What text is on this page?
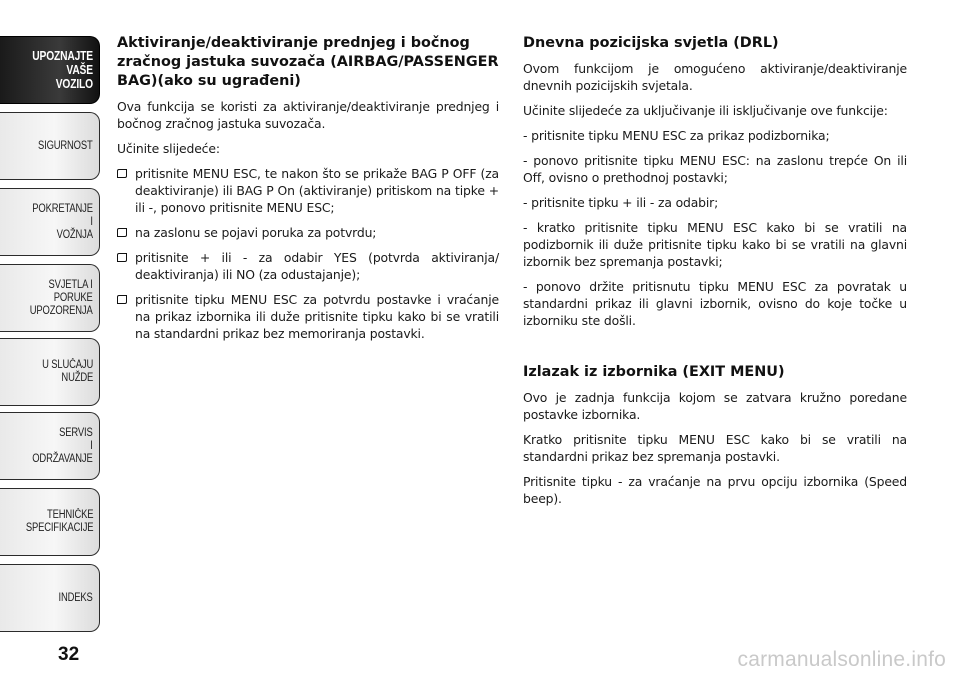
UPOZNAJTE
VAŠE
VOZILO
SIGURNOST
POKRETANJE
I
VOŽNJA
SVJETLA I
PORUKE
UPOZORENJA
U SLUČAJU
NUŽDE
SERVIS
I
ODRŽAVANJE
TEHNIČKE
SPECIFIKACIJE
INDEKS
32
Aktiviranje/deaktiviranje prednjeg i bočnog zračnog jastuka suvozača (AIRBAG/PASSENGER BAG)(ako su ugrađeni)

Ova funkcija se koristi za aktiviranje/deaktiviranje prednjeg i bočnog zračnog jastuka suvozača.

Učinite slijedeće:

pritisnite MENU ESC, te nakon što se prikaže BAG P OFF (za deaktiviranje) ili BAG P On (aktiviranje) pritiskom na tipke + ili -, ponovo pritisnite MENU ESC;
na zaslonu se pojavi poruka za potvrdu;
pritisnite + ili - za odabir YES (potvrda aktiviranja/ deaktiviranja) ili NO (za odustajanje);
pritisnite tipku MENU ESC za potvrdu postavke i vraćanje na prikaz izbornika ili duže pritisnite tipku kako bi se vratili na standardni prikaz bez memoriranja postavki.
Dnevna pozicijska svjetla (DRL)

Ovom funkcijom je omogućeno aktiviranje/deaktiviranje dnevnih pozicijskih svjetala.

Učinite slijedeće za uključivanje ili isključivanje ove funkcije:

- pritisnite tipku MENU ESC za prikaz podizbornika;

- ponovo pritisnite tipku MENU ESC: na zaslonu trepće On ili Off, ovisno o prethodnoj postavki;

- pritisnite tipku + ili - za odabir;

- kratko pritisnite tipku MENU ESC kako bi se vratili na podizbornik ili duže pritisnite tipku kako bi se vratili na glavni izbornik bez spremanja postavki;

- ponovo držite pritisnutu tipku MENU ESC za povratak u standardni prikaz ili glavni izbornik, ovisno do koje točke u izborniku ste došli.

Izlazak iz izbornika (EXIT MENU)

Ovo je zadnja funkcija kojom se zatvara kružno poredane postavke izbornika.

Kratko pritisnite tipku MENU ESC kako bi se vratili na standardni prikaz bez spremanja postavki.

Pritisnite tipku - za vraćanje na prvu opciju izbornika (Speed beep).

carmanualsonline.info
